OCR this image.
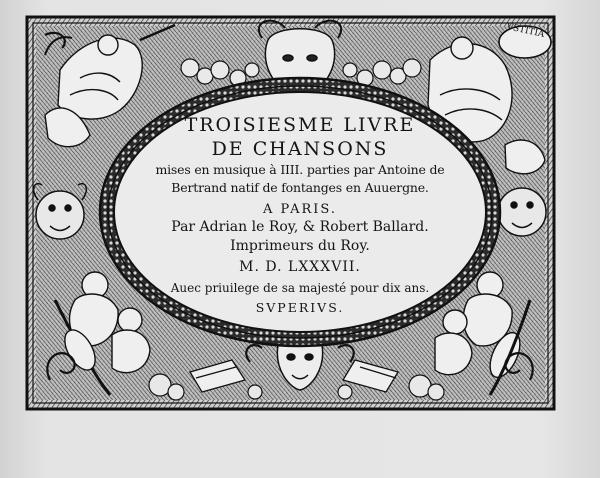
VSTITIA
TROISIESME LIVRE
DE CHANSONS
mises en musique à IIII. parties par Antoine de
Bertrand natif de fontanges en Auuergne.
A PARIS.
Par Adrian le Roy, & Robert Ballard.
Imprimeurs du Roy.
M. D. LXXXVII.
Auec priuilege de sa majesté pour dix ans.
SVPERIVS.
